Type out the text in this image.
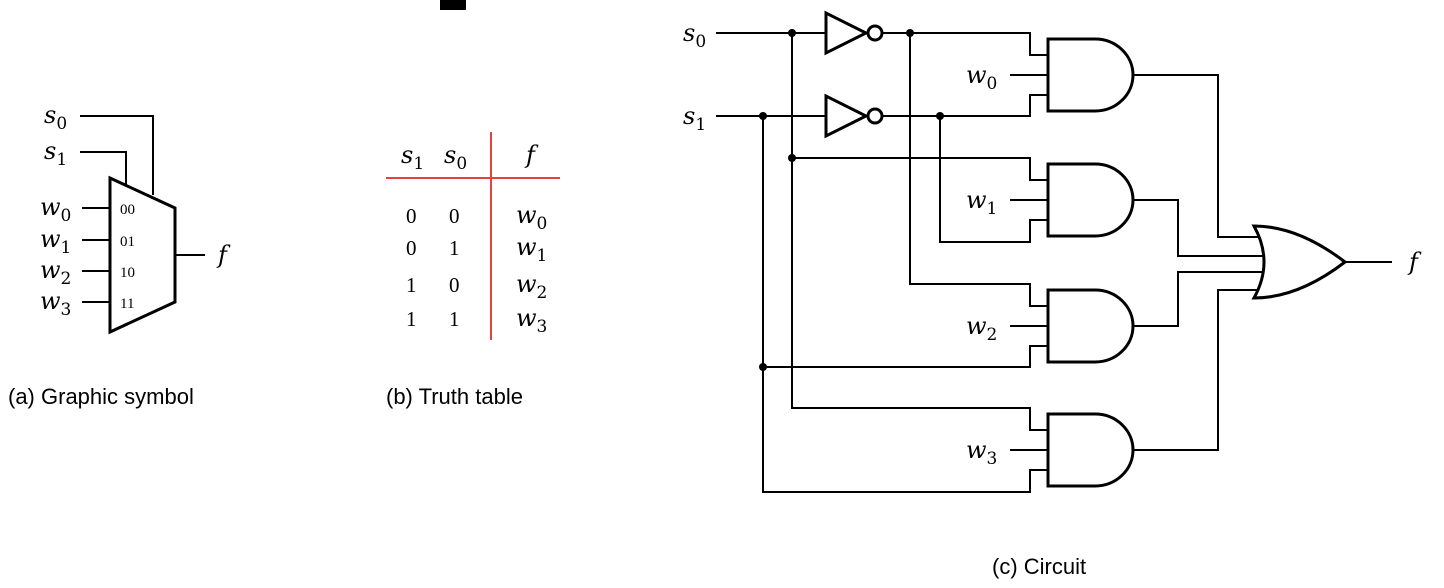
s0
s1
w0
w1
w2
w3
00
01
10
11
f
(a) Graphic symbol
s1 s0 f
0 0 w0
0 1 w1
1 0 w2
1 1 w3
(b) Truth table
s0
s1
w0
w1
w2
w3
f
(c) Circuit
